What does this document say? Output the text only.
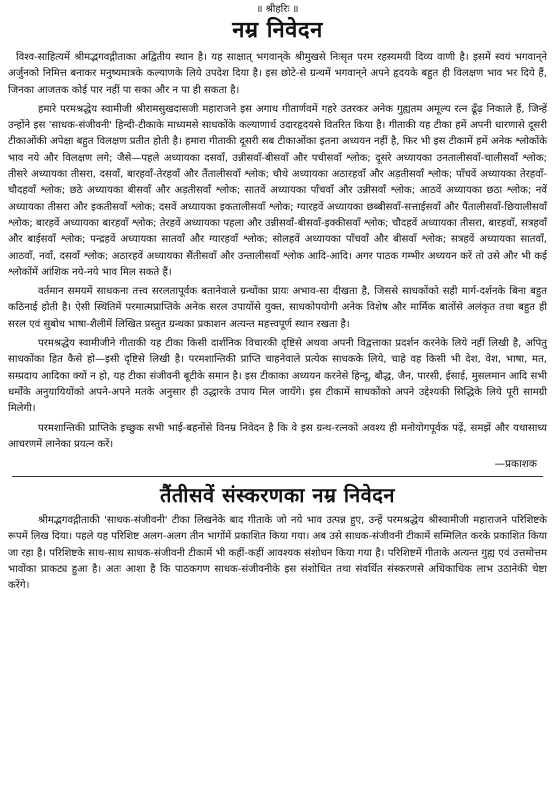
॥ श्रीहरिः ॥
नम्र निवेदन

विश्व-साहित्यमें श्रीमद्भगवद्गीताका अद्वितीय स्थान है। यह साक्षात् भगवान्‌के श्रीमुखसे निःसृत परम रहस्यमयी दिव्य वाणी है। इसमें स्वयं भगवान्‌ने अर्जुनको निमित्त बनाकर मनुष्यमात्रके कल्याणके लिये उपदेश दिया है। इस छोटे-से ग्रन्थमें भगवान्‌ने अपने हृदयके बहुत ही विलक्षण भाव भर दिये हैं, जिनका आजतक कोई पार नहीं पा सका और न पा ही सकता है।

हमारे परमश्रद्धेय स्वामीजी श्रीरामसुखदासजी महाराजने इस अगाध गीतार्णवमें गहरे उतरकर अनेक गुह्यतम अमूल्य रत्न ढूँढ़ निकाले हैं, जिन्हें उन्होंने इस 'साधक-संजीवनी' हिन्दी-टीकाके माध्यमसे साधकोंके कल्याणार्थ उदारहृदयसे वितरित किया है। गीताकी यह टीका हमें अपनी धारणासे दूसरी टीकाओंकी अपेक्षा बहुत विलक्षण प्रतीत होती है। हमारा गीताकी दूसरी सब टीकाओंका इतना अध्ययन नहीं है, फिर भी इस टीकामें हमें अनेक श्लोकोंके भाव नये और विलक्षण लगे; जैसे—पहले अध्यायका दसवाँ, उन्नीसवाँ-बीसवाँ और पचीसवाँ श्लोक; दूसरे अध्यायका उनतालीसवाँ-चालीसवाँ श्लोक; तीसरे अध्यायका तीसरा, दसवाँ, बारहवाँ-तेरहवाँ और तैंतालीसवाँ श्लोक; चौथे अध्यायका अठारहवाँ और अड़तीसवाँ श्लोक; पाँचवें अध्यायका तेरहवाँ-चौदहवाँ श्लोक; छठे अध्यायका बीसवाँ और अड़तीसवाँ श्लोक; सातवें अध्यायका पाँचवाँ और उन्नीसवाँ श्लोक; आठवें अध्यायका छठा श्लोक; नवें अध्यायका तीसरा और इकतीसवाँ श्लोक; दसवें अध्यायका इकतालीसवाँ श्लोक; ग्यारहवें अध्यायका छब्बीसवाँ-सत्ताईसवाँ और पैंतालीसवाँ-छियालीसवाँ श्लोक; बारहवें अध्यायका बारहवाँ श्लोक; तेरहवें अध्यायका पहला और उन्नीसवाँ-बीसवाँ-इक्कीसवाँ श्लोक; चौदहवें अध्यायका तीसरा, बारहवाँ, सत्रहवाँ और बाईसवाँ श्लोक; पन्द्रहवें अध्यायका सातवाँ और ग्यारहवाँ श्लोक; सोलहवें अध्यायका पाँचवाँ और बीसवाँ श्लोक; सत्रहवें अध्यायका सातवाँ, आठवाँ, नवाँ, दसवाँ श्लोक; अठारहवें अध्यायका सैंतीसवाँ और उन्तालीसवाँ श्लोक आदि-आदि। अगर पाठक गम्भीर अध्ययन करें तो उसे और भी कई श्लोकोंमें आंशिक नये-नये भाव मिल सकते हैं।

वर्तमान समयमें साधकना तत्त्व सरलतापूर्वक बतानेवाले ग्रन्थोंका प्रायः अभाव-सा दीखता है, जिससे साधकोंको सही मार्ग-दर्शनके बिना बहुत कठिनाई होती है। ऐसी स्थितिमें परमात्मप्राप्तिके अनेक सरल उपायोंसे युक्त, साधकोपयोगी अनेक विशेष और मार्मिक बातोंसे अलंकृत तथा बहुत ही सरल एवं सुबोध भाषा-शैलीमें लिखित प्रस्तुत ग्रन्थका प्रकाशन अत्यन्त महत्त्वपूर्ण स्थान रखता है।

परमश्रद्धेय स्वामीजीने गीताकी यह टीका किसी दार्शनिक विचारकी दृष्टिसे अथवा अपनी विद्वत्ताका प्रदर्शन करनेके लिये नहीं लिखी है, अपितु साधकोंका हित कैसे हो—इसी दृष्टिसे लिखी है। परमशान्तिकी प्राप्ति चाहनेवाले प्रत्येक साधकके लिये, चाहे वह किसी भी देश, वेश, भाषा, मत, सम्प्रदाय आदिका क्यों न हो, यह टीका संजीवनी बूटीके समान है। इस टीकाका अध्ययन करनेसे हिन्दू, बौद्ध, जैन, पारसी, ईसाई, मुसलमान आदि सभी धर्मोंके अनुयायियोंको अपने-अपने मतके अनुसार ही उद्धारके उपाय मिल जायँगे। इस टीकामें साधकोंको अपने उद्देश्यकी सिद्धिके लिये पूरी सामग्री मिलेगी।

परमशान्तिकी प्राप्तिके इच्छुक सभी भाई-बहनोंसे विनम्र निवेदन है कि वे इस ग्रन्थ-रत्नको अवश्य ही मनोयोगपूर्वक पढ़ें, समझें और यथासाध्य आचरणमें लानेका प्रयत्न करें।

—प्रकाशक
तैंतीसवें संस्करणका नम्र निवेदन

श्रीमद्भगवद्गीताकी 'साधक-संजीवनी' टीका लिखनेके बाद गीताके जो नये भाव उत्पन्न हुए, उन्हें परमश्रद्धेय श्रीस्वामीजी महाराजने परिशिष्टके रूपमें लिख दिया। पहले यह परिशिष्ट अलग-अलग तीन भागोंमें प्रकाशित किया गया। अब उसे साधक-संजीवनी टीकामें सम्मिलित करके प्रकाशित किया जा रहा है। परिशिष्टके साथ-साथ साधक-संजीवनी टीकामें भी कहीं-कहीं आवश्यक संशोधन किया गया है। परिशिष्टमें गीताके अत्यन्त गुह्य एवं उत्तमोत्तम भावोंका प्राकट्य हुआ है। अतः आशा है कि पाठकगण साधक-संजीवनीके इस संशोधित तथा संवर्धित संस्करणसे अधिकाधिक लाभ उठानेकी चेष्टा करेंगे।
